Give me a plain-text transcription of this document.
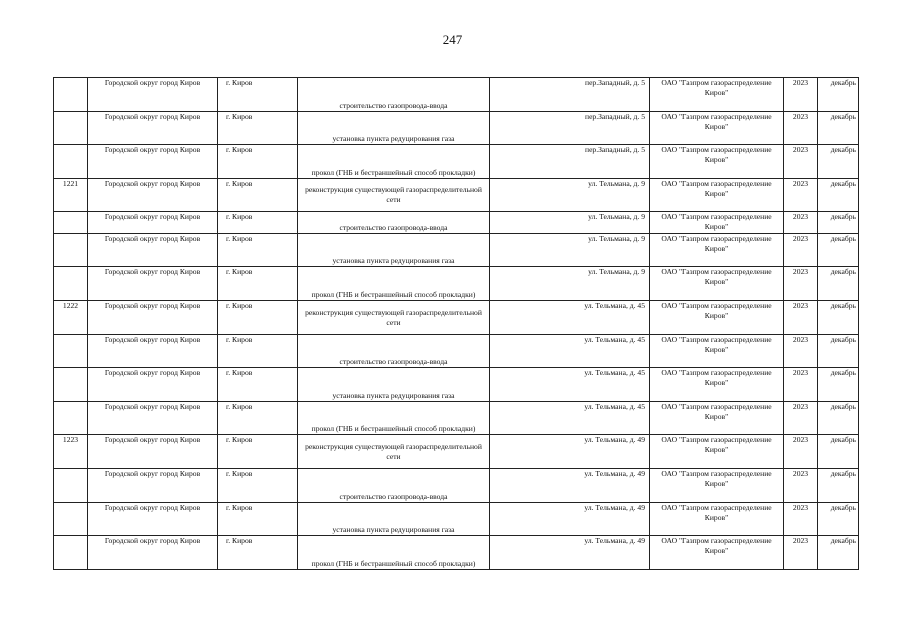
247
	Городской округ город Киров	г. Киров	строительство газопровода-ввода	пер.Западный, д. 5	ОАО "Газпром газораспределение Киров"	2023	декабрь
	Городской округ город Киров	г. Киров	установка пункта редуцирования газа	пер.Западный, д. 5	ОАО "Газпром газораспределение Киров"	2023	декабрь
	Городской округ город Киров	г. Киров	прокол (ГНБ и бестраншейный способ прокладки)	пер.Западный, д. 5	ОАО "Газпром газораспределение Киров"	2023	декабрь
1221	Городской округ город Киров	г. Киров	реконструкция существующей газораспределительной сети	ул. Тельмана, д. 9	ОАО "Газпром газораспределение Киров"	2023	декабрь
	Городской округ город Киров	г. Киров	строительство газопровода-ввода	ул. Тельмана, д. 9	ОАО "Газпром газораспределение Киров"	2023	декабрь
	Городской округ город Киров	г. Киров	установка пункта редуцирования газа	ул. Тельмана, д. 9	ОАО "Газпром газораспределение Киров"	2023	декабрь
	Городской округ город Киров	г. Киров	прокол (ГНБ и бестраншейный способ прокладки)	ул. Тельмана, д. 9	ОАО "Газпром газораспределение Киров"	2023	декабрь
1222	Городской округ город Киров	г. Киров	реконструкция существующей газораспределительной сети	ул. Тельмана, д. 45	ОАО "Газпром газораспределение Киров"	2023	декабрь
	Городской округ город Киров	г. Киров	строительство газопровода-ввода	ул. Тельмана, д. 45	ОАО "Газпром газораспределение Киров"	2023	декабрь
	Городской округ город Киров	г. Киров	установка пункта редуцирования газа	ул. Тельмана, д. 45	ОАО "Газпром газораспределение Киров"	2023	декабрь
	Городской округ город Киров	г. Киров	прокол (ГНБ и бестраншейный способ прокладки)	ул. Тельмана, д. 45	ОАО "Газпром газораспределение Киров"	2023	декабрь
1223	Городской округ город Киров	г. Киров	реконструкция существующей газораспределительной сети	ул. Тельмана, д. 49	ОАО "Газпром газораспределение Киров"	2023	декабрь
	Городской округ город Киров	г. Киров	строительство газопровода-ввода	ул. Тельмана, д. 49	ОАО "Газпром газораспределение Киров"	2023	декабрь
	Городской округ город Киров	г. Киров	установка пункта редуцирования газа	ул. Тельмана, д. 49	ОАО "Газпром газораспределение Киров"	2023	декабрь
	Городской округ город Киров	г. Киров	прокол (ГНБ и бестраншейный способ прокладки)	ул. Тельмана, д. 49	ОАО "Газпром газораспределение Киров"	2023	декабрь
